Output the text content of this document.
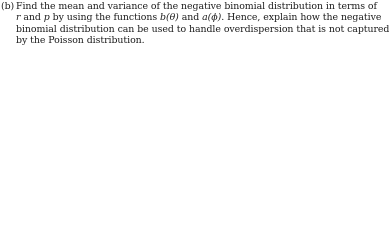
(b) Find the mean and variance of the negative binomial distribution in terms of
r and p by using the functions b(θ) and a(ϕ). Hence, explain how the negative
binomial distribution can be used to handle overdispersion that is not captured
by the Poisson distribution.
